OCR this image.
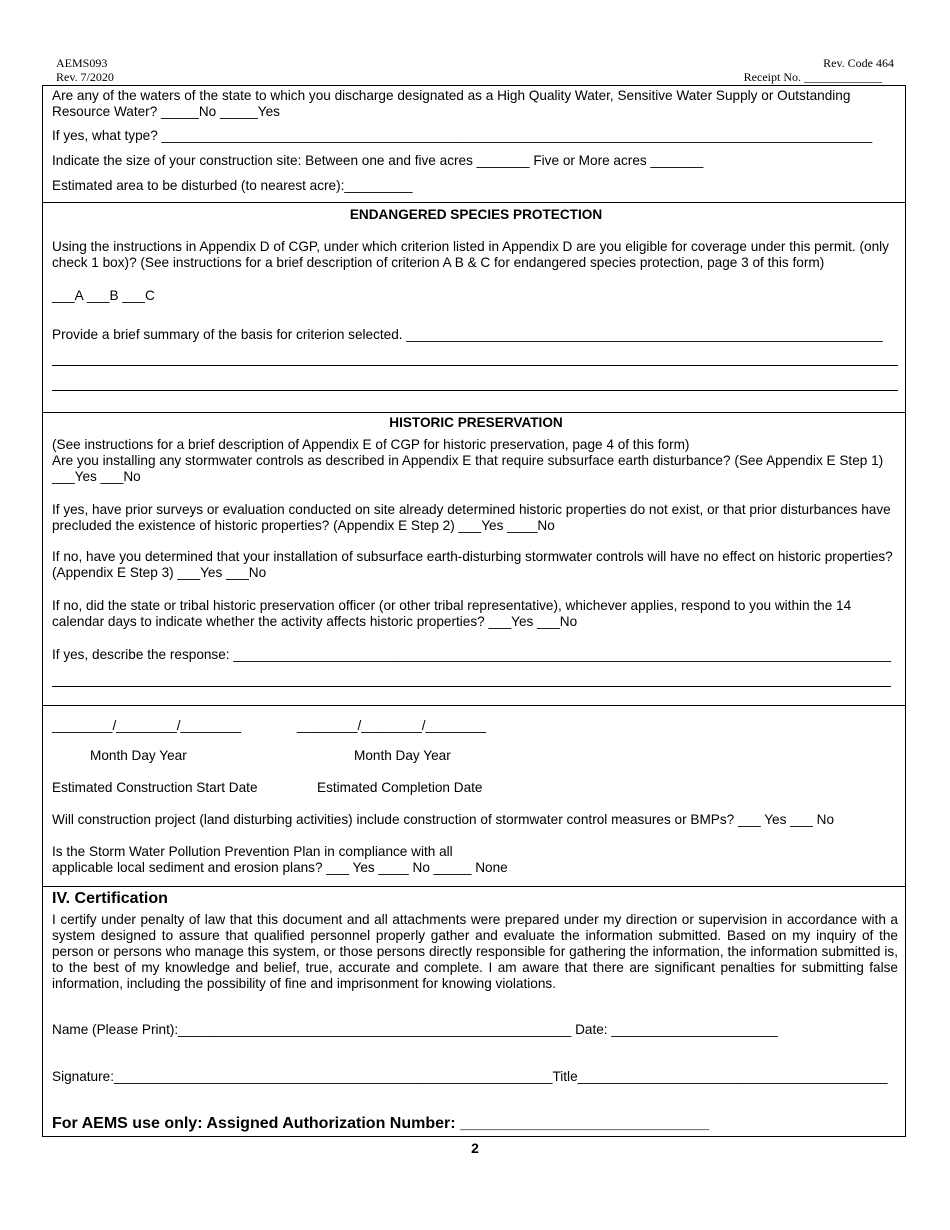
AEMS093	Rev. Code 464
Rev. 7/2020	Receipt No. _____________
Are any of the waters of the state to which you discharge designated as a High Quality Water, Sensitive Water Supply or Outstanding Resource Water? _____No _____Yes
If yes, what type? ______________________________________________________________________________________________
Indicate the size of your construction site: Between one and five acres _______ Five or More acres _______
Estimated area to be disturbed (to nearest acre):_________
ENDANGERED SPECIES PROTECTION
Using the instructions in Appendix D of CGP, under which criterion listed in Appendix D are you eligible for coverage under this permit. (only check 1 box)? (See instructions for a brief description of criterion A B & C for endangered species protection, page 3 of this form)
___A ___B ___C
Provide a brief summary of the basis for criterion selected. _______________________________________________________________
HISTORIC PRESERVATION
(See instructions for a brief description of Appendix E of CGP for historic preservation, page 4 of this form)
Are you installing any stormwater controls as described in Appendix E that require subsurface earth disturbance? (See Appendix E Step 1) ___Yes ___No
If yes, have prior surveys or evaluation conducted on site already determined historic properties do not exist, or that prior disturbances have precluded the existence of historic properties? (Appendix E Step 2) ___Yes ____No
If no, have you determined that your installation of subsurface earth-disturbing stormwater controls will have no effect on historic properties? (Appendix E Step 3) ___Yes ___No
If no, did the state or tribal historic preservation officer (or other tribal representative), whichever applies, respond to you within the 14 calendar days to indicate whether the activity affects historic properties? ___Yes ___No
If yes, describe the response: _______________________________________________________________________________________
________/________/________	________/________/________
Month Day Year	Month Day Year
Estimated Construction Start Date	Estimated Completion Date
Will construction project (land disturbing activities) include construction of stormwater control measures or BMPs? ___ Yes ___ No
Is the Storm Water Pollution Prevention Plan in compliance with all
applicable local sediment and erosion plans? ___ Yes ____ No _____ None
IV. Certification
I certify under penalty of law that this document and all attachments were prepared under my direction or supervision in accordance with a system designed to assure that qualified personnel properly gather and evaluate the information submitted. Based on my inquiry of the person or persons who manage this system, or those persons directly responsible for gathering the information, the information submitted is, to the best of my knowledge and belief, true, accurate and complete. I am aware that there are significant penalties for submitting false information, including the possibility of fine and imprisonment for knowing violations.
Name (Please Print):____________________________________________________ Date: ______________________
Signature:__________________________________________________________Title_________________________________________
For AEMS use only: Assigned Authorization Number: ____________________________
2
